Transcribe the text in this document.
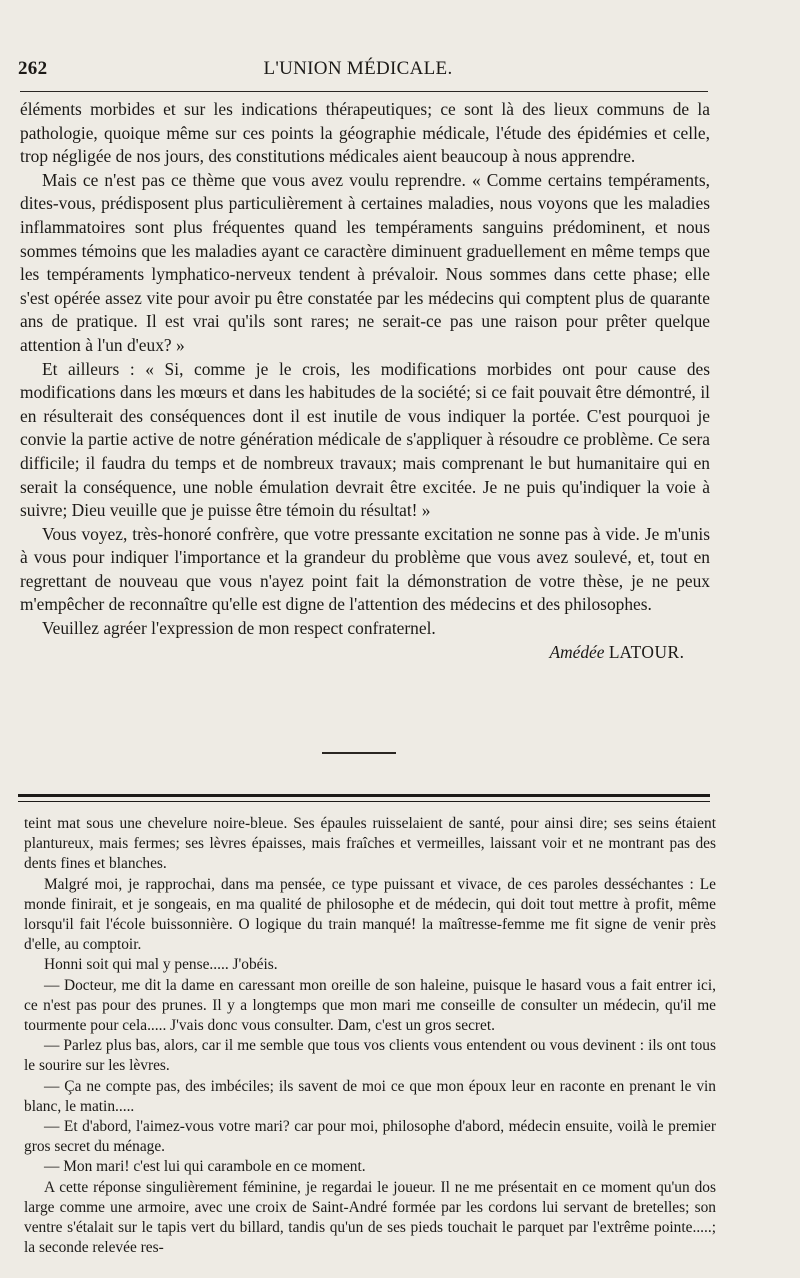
262	L'UNION MÉDICALE.

éléments morbides et sur les indications thérapeutiques; ce sont là des lieux communs de la pathologie, quoique même sur ces points la géographie médicale, l'étude des épidémies et celle, trop négligée de nos jours, des constitutions médicales aient beaucoup à nous apprendre.

Mais ce n'est pas ce thème que vous avez voulu reprendre. « Comme certains tempéraments, dites-vous, prédisposent plus particulièrement à certaines maladies, nous voyons que les maladies inflammatoires sont plus fréquentes quand les tempéraments sanguins prédominent, et nous sommes témoins que les maladies ayant ce caractère diminuent graduellement en même temps que les tempéraments lymphatico-nerveux tendent à prévaloir. Nous sommes dans cette phase; elle s'est opérée assez vite pour avoir pu être constatée par les médecins qui comptent plus de quarante ans de pratique. Il est vrai qu'ils sont rares; ne serait-ce pas une raison pour prêter quelque attention à l'un d'eux? »

Et ailleurs : « Si, comme je le crois, les modifications morbides ont pour cause des modifications dans les mœurs et dans les habitudes de la société; si ce fait pouvait être démontré, il en résulterait des conséquences dont il est inutile de vous indiquer la portée. C'est pourquoi je convie la partie active de notre génération médicale de s'appliquer à résoudre ce problème. Ce sera difficile; il faudra du temps et de nombreux travaux; mais comprenant le but humanitaire qui en serait la conséquence, une noble émulation devrait être excitée. Je ne puis qu'indiquer la voie à suivre; Dieu veuille que je puisse être témoin du résultat! »

Vous voyez, très-honoré confrère, que votre pressante excitation ne sonne pas à vide. Je m'unis à vous pour indiquer l'importance et la grandeur du problème que vous avez soulevé, et, tout en regrettant de nouveau que vous n'ayez point fait la démonstration de votre thèse, je ne peux m'empêcher de reconnaître qu'elle est digne de l'attention des médecins et des philosophes.

Veuillez agréer l'expression de mon respect confraternel.

Amédée LATOUR.

teint mat sous une chevelure noire-bleue. Ses épaules ruisselaient de santé, pour ainsi dire; ses seins étaient plantureux, mais fermes; ses lèvres épaisses, mais fraîches et vermeilles, laissant voir et ne montrant pas des dents fines et blanches.

Malgré moi, je rapprochai, dans ma pensée, ce type puissant et vivace, de ces paroles desséchantes : Le monde finirait, et je songeais, en ma qualité de philosophe et de médecin, qui doit tout mettre à profit, même lorsqu'il fait l'école buissonnière. O logique du train manqué! la maîtresse-femme me fit signe de venir près d'elle, au comptoir.

Honni soit qui mal y pense..... J'obéis.

— Docteur, me dit la dame en caressant mon oreille de son haleine, puisque le hasard vous a fait entrer ici, ce n'est pas pour des prunes. Il y a longtemps que mon mari me conseille de consulter un médecin, qu'il me tourmente pour cela..... J'vais donc vous consulter. Dam, c'est un gros secret.

— Parlez plus bas, alors, car il me semble que tous vos clients vous entendent ou vous devinent : ils ont tous le sourire sur les lèvres.

— Ça ne compte pas, des imbéciles; ils savent de moi ce que mon époux leur en raconte en prenant le vin blanc, le matin.....

— Et d'abord, l'aimez-vous votre mari? car pour moi, philosophe d'abord, médecin ensuite, voilà le premier gros secret du ménage.

— Mon mari! c'est lui qui carambole en ce moment.

A cette réponse singulièrement féminine, je regardai le joueur. Il ne me présentait en ce moment qu'un dos large comme une armoire, avec une croix de Saint-André formée par les cordons lui servant de bretelles; son ventre s'étalait sur le tapis vert du billard, tandis qu'un de ses pieds touchait le parquet par l'extrême pointe.....; la seconde relevée res-
